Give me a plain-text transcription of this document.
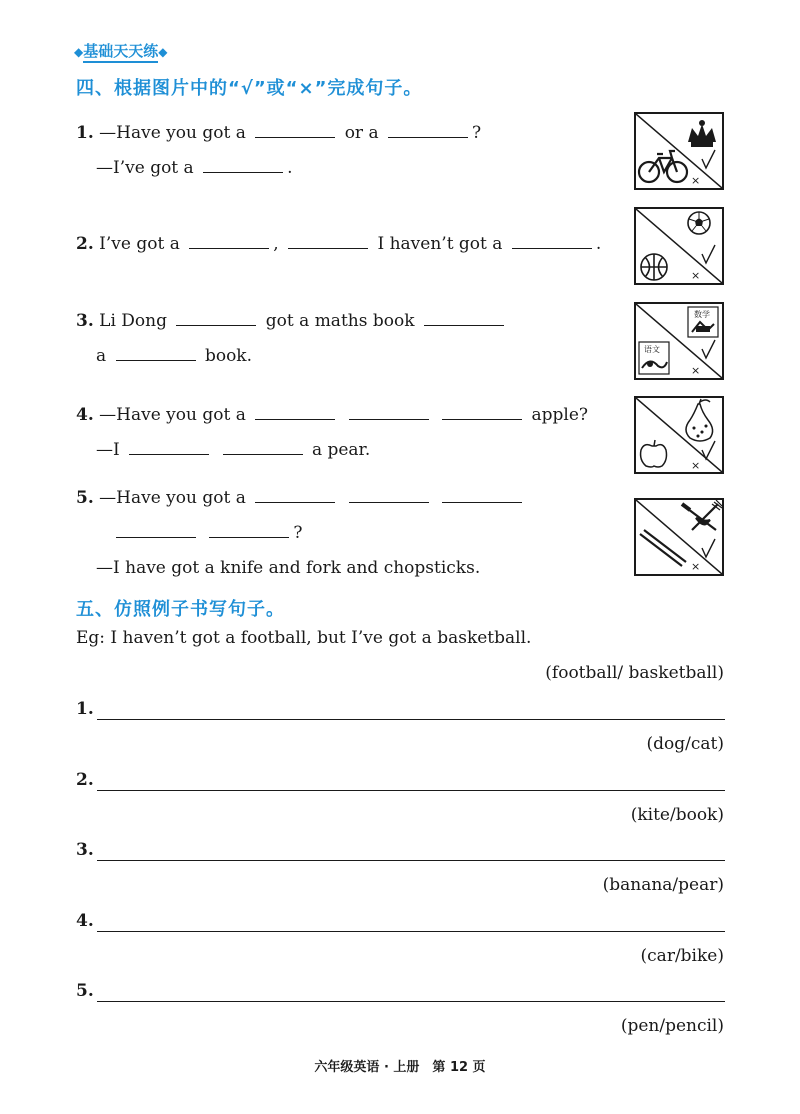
◆基础天天练◆
四、根据图片中的“√”或“×”完成句子。
1. —Have you got a	or a	?
—I’ve got a	.
2. I’ve got a	,	I haven’t got a	.
3. Li Dong	got a maths book
a	book.
4. —Have you got a	apple?
—I	a pear.
5. —Have you got a
?
—I have got a knife and fork and chopsticks.
×
×
数学
语文
×
×
×
五、仿照例子书写句子。
Eg: I haven’t got a football, but I’ve got a basketball.
(football/ basketball)
1.
(dog/cat)
2.
(kite/book)
3.
(banana/pear)
4.
(car/bike)
5.
(pen/pencil)
六年级英语 · 上册　第 12 页
